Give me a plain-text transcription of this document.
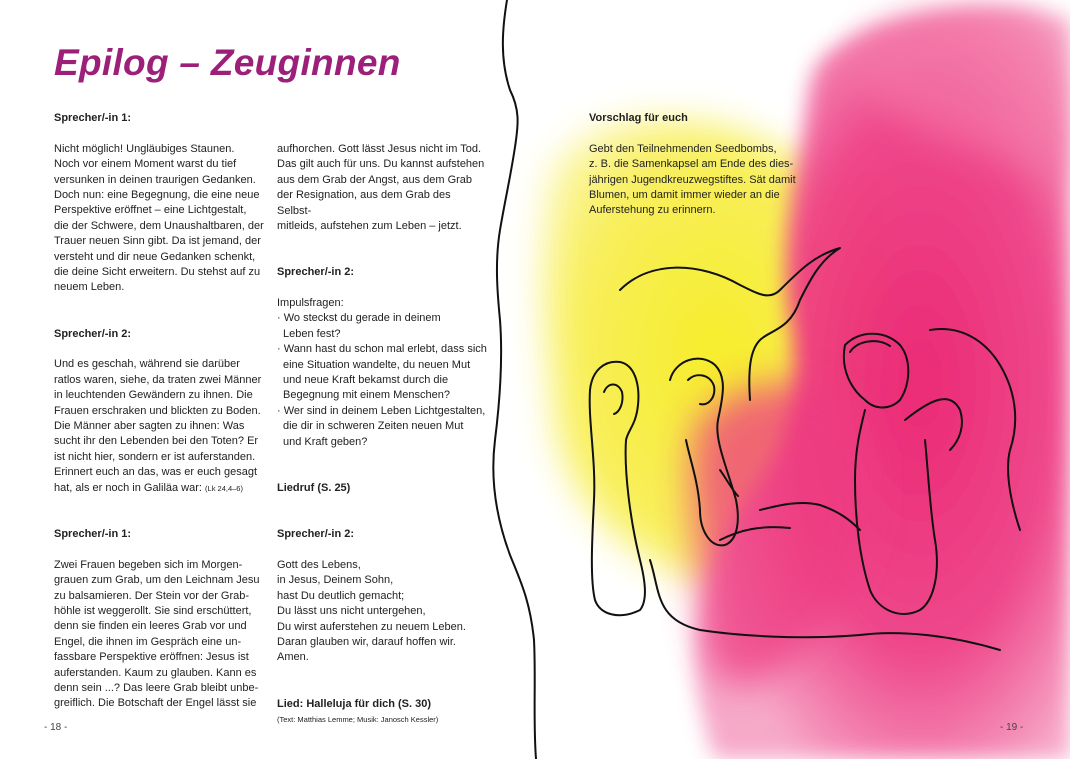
Epilog – Zeuginnen

Sprecher/-in 1:

Nicht möglich! Ungläubiges Staunen.

Noch vor einem Moment warst du tief

versunken in deinen traurigen Gedanken.

Doch nun: eine Begegnung, die eine neue

Perspektive eröffnet – eine Lichtgestalt,

die der Schwere, dem Unaushaltbaren, der

Trauer neuen Sinn gibt. Da ist jemand, der

versteht und dir neue Gedanken schenkt,

die deine Sicht erweitern. Du stehst auf zu

neuem Leben.

Sprecher/-in 2:

Und es geschah, während sie darüber

ratlos waren, siehe, da traten zwei Männer

in leuchtenden Gewändern zu ihnen. Die

Frauen erschraken und blickten zu Boden.

Die Männer aber sagten zu ihnen: Was

sucht ihr den Lebenden bei den Toten? Er

ist nicht hier, sondern er ist auferstanden.

Erinnert euch an das, was er euch gesagt

hat, als er noch in Galiläa war: (Lk 24,4–6)

Sprecher/-in 1:

Zwei Frauen begeben sich im Morgen-

grauen zum Grab, um den Leichnam Jesu

zu balsamieren. Der Stein vor der Grab-

höhle ist weggerollt. Sie sind erschüttert,

denn sie finden ein leeres Grab vor und

Engel, die ihnen im Gespräch eine un-

fassbare Perspektive eröffnen: Jesus ist

auferstanden. Kaum zu glauben. Kann es

denn sein ...? Das leere Grab bleibt unbe-

greiflich. Die Botschaft der Engel lässt sie

aufhorchen. Gott lässt Jesus nicht im Tod.

Das gilt auch für uns. Du kannst aufstehen

aus dem Grab der Angst, aus dem Grab

der Resignation, aus dem Grab des Selbst-

mitleids, aufstehen zum Leben – jetzt.

Sprecher/-in 2:

Impulsfragen:

· Wo steckst du gerade in deinem

Leben fest?

· Wann hast du schon mal erlebt, dass sich

eine Situation wandelte, du neuen Mut

und neue Kraft bekamst durch die

Begegnung mit einem Menschen?

· Wer sind in deinem Leben Lichtgestalten,

die dir in schweren Zeiten neuen Mut

und Kraft geben?

Liedruf (S. 25)

Sprecher/-in 2:

Gott des Lebens,

in Jesus, Deinem Sohn,

hast Du deutlich gemacht;

Du lässt uns nicht untergehen,

Du wirst auferstehen zu neuem Leben.

Daran glauben wir, darauf hoffen wir.

Amen.

Lied: Halleluja für dich (S. 30)

(Text: Matthias Lemme; Musik: Janosch Kessler)

- 18 -

Vorschlag für euch

Gebt den Teilnehmenden Seedbombs,

z. B. die Samenkapsel am Ende des dies-

jährigen Jugendkreuzwegstiftes. Sät damit

Blumen, um damit immer wieder an die

Auferstehung zu erinnern.

- 19 -
